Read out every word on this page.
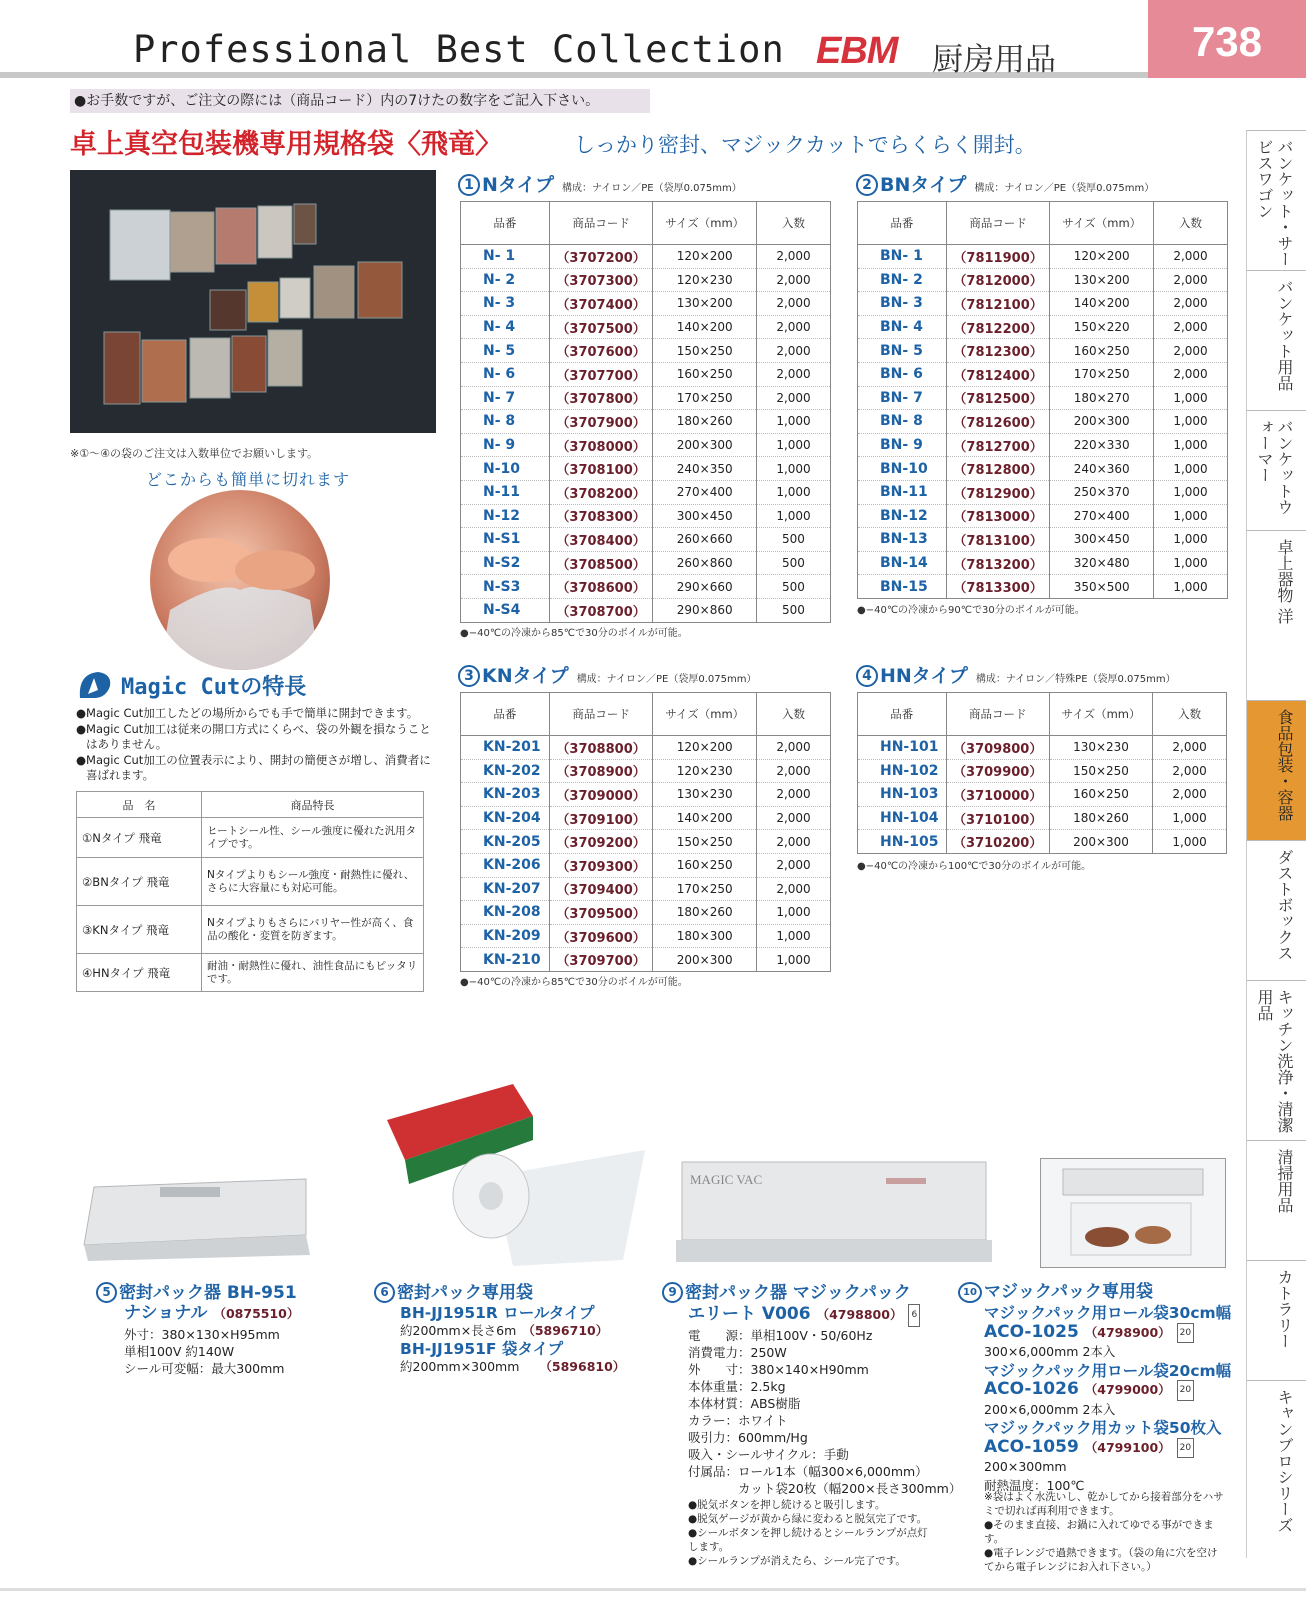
Professional Best Collection EBM 厨房用品	738
●お手数ですが、ご注文の際には（商品コード）内の7けたの数字をご記入下さい。
卓上真空包装機専用規格袋〈飛竜〉	しっかり密封、マジックカットでらくらく開封。
※①～④の袋のご注文は入数単位でお願いします。
どこからも簡単に切れます
Magic Cutの特長
●Magic Cut加工したどの場所からでも手で簡単に開封できます。
●Magic Cut加工は従来の開口方式にくらべ、袋の外観を損なうことはありません。
●Magic Cut加工の位置表示により、開封の簡便さが増し、消費者に喜ばれます。
品　名	商品特長
①Nタイプ 飛竜	ヒートシール性、シール強度に優れた汎用タイプです。
②BNタイプ 飛竜	Nタイプよりもシール強度・耐熱性に優れ、さらに大容量にも対応可能。
③KNタイプ 飛竜	Nタイプよりもさらにバリヤー性が高く、食品の酸化・変質を防ぎます。
④HNタイプ 飛竜	耐油・耐熱性に優れ、油性食品にもピッタリです。
1 Nタイプ 構成：ナイロン／PE（袋厚0.075mm）
品番	商品コード	サイズ（mm）	入数
N- 1	（3707200）	120×200	2,000
N- 2	（3707300）	120×230	2,000
N- 3	（3707400）	130×200	2,000
N- 4	（3707500）	140×200	2,000
N- 5	（3707600）	150×250	2,000
N- 6	（3707700）	160×250	2,000
N- 7	（3707800）	170×250	2,000
N- 8	（3707900）	180×260	1,000
N- 9	（3708000）	200×300	1,000
N-10	（3708100）	240×350	1,000
N-11	（3708200）	270×400	1,000
N-12	（3708300）	300×450	1,000
N-S1	（3708400）	260×660	500
N-S2	（3708500）	260×860	500
N-S3	（3708600）	290×660	500
N-S4	（3708700）	290×860	500
●−40℃の冷凍から85℃で30分のボイルが可能。
2 BNタイプ 構成：ナイロン／PE（袋厚0.075mm）
品番	商品コード	サイズ（mm）	入数
BN- 1	（7811900）	120×200	2,000
BN- 2	（7812000）	130×200	2,000
BN- 3	（7812100）	140×200	2,000
BN- 4	（7812200）	150×220	2,000
BN- 5	（7812300）	160×250	2,000
BN- 6	（7812400）	170×250	2,000
BN- 7	（7812500）	180×270	1,000
BN- 8	（7812600）	200×300	1,000
BN- 9	（7812700）	220×330	1,000
BN-10	（7812800）	240×360	1,000
BN-11	（7812900）	250×370	1,000
BN-12	（7813000）	270×400	1,000
BN-13	（7813100）	300×450	1,000
BN-14	（7813200）	320×480	1,000
BN-15	（7813300）	350×500	1,000
●−40℃の冷凍から90℃で30分のボイルが可能。
3 KNタイプ 構成：ナイロン／PE（袋厚0.075mm）
品番	商品コード	サイズ（mm）	入数
KN-201	（3708800）	120×200	2,000
KN-202	（3708900）	120×230	2,000
KN-203	（3709000）	130×230	2,000
KN-204	（3709100）	140×200	2,000
KN-205	（3709200）	150×250	2,000
KN-206	（3709300）	160×250	2,000
KN-207	（3709400）	170×250	2,000
KN-208	（3709500）	180×260	1,000
KN-209	（3709600）	180×300	1,000
KN-210	（3709700）	200×300	1,000
●−40℃の冷凍から85℃で30分のボイルが可能。
4 HNタイプ 構成：ナイロン／特殊PE（袋厚0.075mm）
品番	商品コード	サイズ（mm）	入数
HN-101	（3709800）	130×230	2,000
HN-102	（3709900）	150×250	2,000
HN-103	（3710000）	160×250	2,000
HN-104	（3710100）	180×260	1,000
HN-105	（3710200）	200×300	1,000
●−40℃の冷凍から100℃で30分のボイルが可能。
バンケット・サービスワゴン
バンケット用品
バンケットウォーマー
卓上器物 洋
食品包装・容器
ダストボックス
キッチン洗浄・清潔用品
清掃用品
カトラリー
キャンブロシリーズ
MAGIC VAC
5 密封パック器 BH-951
ナショナル （0875510）
外寸：380×130×H95mm
単相100V 約140W
シール可変幅：最大300mm
6 密封パック専用袋
BH-JJ1951R ロールタイプ
約200mm×長さ6m （5896710）
BH-JJ1951F 袋タイプ
約200mm×300mm （5896810）
9 密封パック器 マジックパック
エリート V006 （4798800） 6
電　　源：単相100V・50/60Hz
消費電力：250W
外　　寸：380×140×H90mm
本体重量：2.5kg
本体材質：ABS樹脂
カラー：ホワイト
吸引力：600mm/Hg
吸入・シールサイクル：手動
付属品：ロール1本（幅300×6,000mm）
　　　　カット袋20枚（幅200×長さ300mm）
●脱気ボタンを押し続けると吸引します。
●脱気ゲージが黄から緑に変わると脱気完了です。
●シールボタンを押し続けるとシールランプが点灯します。
●シールランプが消えたら、シール完了です。
10 マジックパック専用袋
マジックパック用ロール袋30cm幅
ACO-1025 （4798900） 20
300×6,000mm 2本入
マジックパック用ロール袋20cm幅
ACO-1026 （4799000） 20
200×6,000mm 2本入
マジックパック用カット袋50枚入
ACO-1059 （4799100） 20
200×300mm
耐熱温度：100℃
※袋はよく水洗いし、乾かしてから接着部分をハサミで切れば再利用できます。
●そのまま直接、お鍋に入れてゆでる事ができます。
●電子レンジで過熱できます。（袋の角に穴を空けてから電子レンジにお入れ下さい。）
